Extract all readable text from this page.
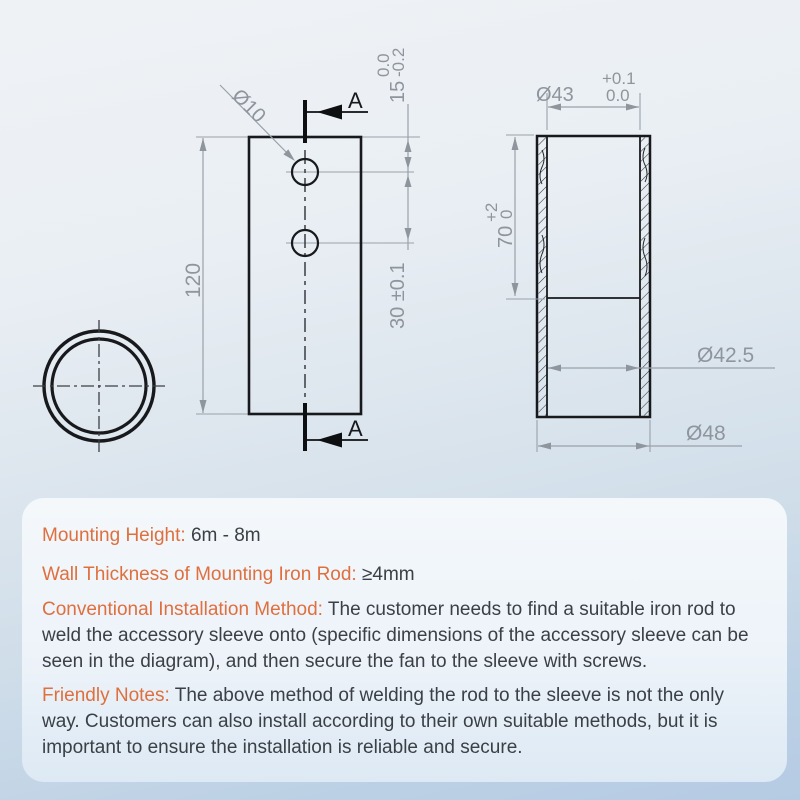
Ø10	A
A
120
15
0.0
-0.2
30 ±0.1
Ø43
+0.1
0.0
70
+2
0
Ø42.5
Ø48

Mounting Height: 6m - 8m

Wall Thickness of Mounting Iron Rod: ≥4mm

Conventional Installation Method: The customer needs to find a suitable iron rod to weld the accessory sleeve onto (specific dimensions of the accessory sleeve can be seen in the diagram), and then secure the fan to the sleeve with screws.

Friendly Notes: The above method of welding the rod to the sleeve is not the only way. Customers can also install according to their own suitable methods, but it is important to ensure the installation is reliable and secure.
